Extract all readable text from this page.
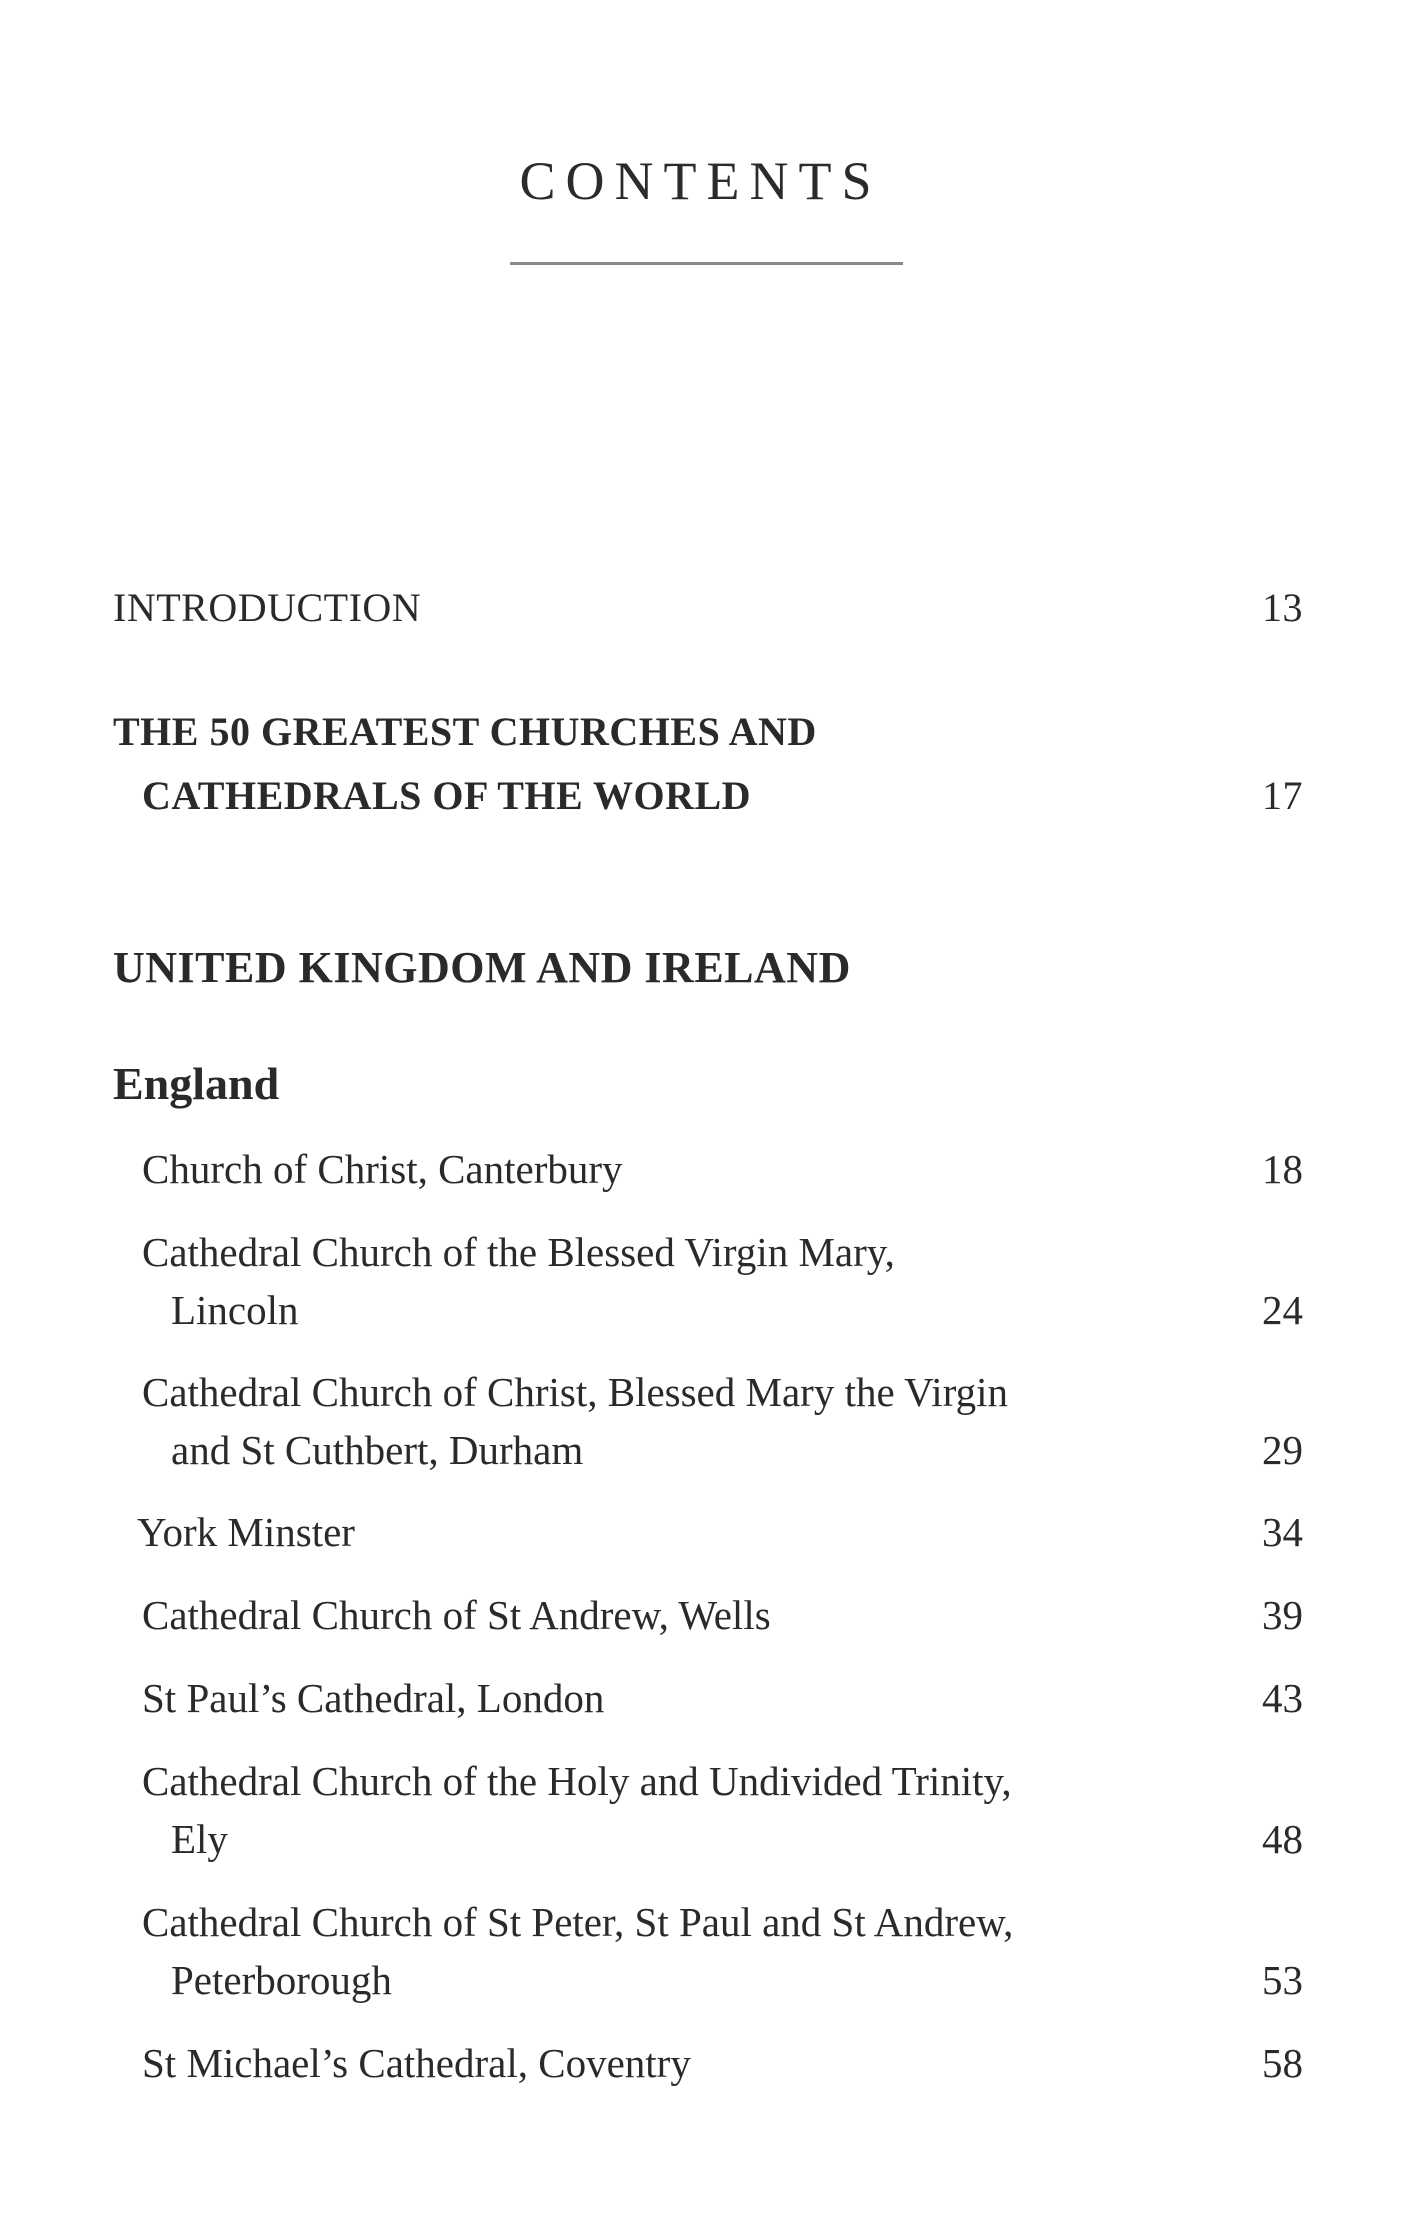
CONTENTS
INTRODUCTION	13
THE 50 GREATEST CHURCHES AND
CATHEDRALS OF THE WORLD	17
UNITED KINGDOM AND IRELAND
England
Church of Christ, Canterbury	18
Cathedral Church of the Blessed Virgin Mary,
Lincoln	24
Cathedral Church of Christ, Blessed Mary the Virgin
and St Cuthbert, Durham	29
York Minster	34
Cathedral Church of St Andrew, Wells	39
St Paul’s Cathedral, London	43
Cathedral Church of the Holy and Undivided Trinity,
Ely	48
Cathedral Church of St Peter, St Paul and St Andrew,
Peterborough	53
St Michael’s Cathedral, Coventry	58
